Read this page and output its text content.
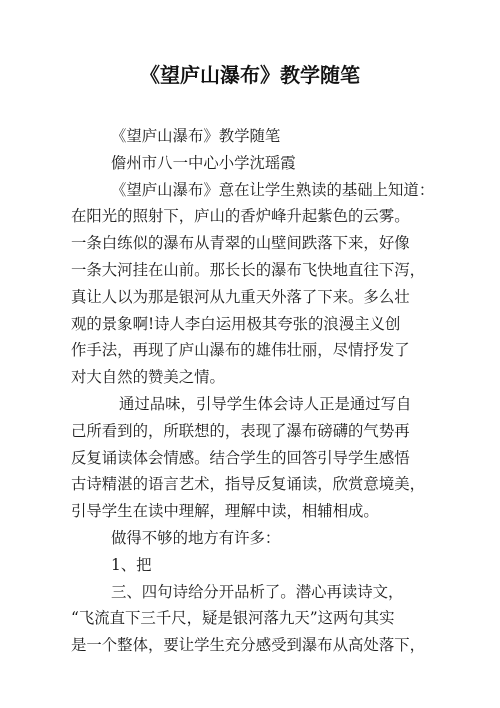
《望庐山瀑布》教学随笔
《望庐山瀑布》教学随笔
儋州市八一中心小学沈瑶霞
《望庐山瀑布》意在让学生熟读的基础上知道：
在阳光的照射下，庐山的香炉峰升起紫色的云雾。
一条白练似的瀑布从青翠的山壁间跌落下来，好像
一条大河挂在山前。那长长的瀑布飞快地直往下泻，
真让人以为那是银河从九重天外落了下来。多么壮
观的景象啊!诗人李白运用极其夸张的浪漫主义创
作手法，再现了庐山瀑布的雄伟壮丽，尽情抒发了
对大自然的赞美之情。
通过品味，引导学生体会诗人正是通过写自
己所看到的，所联想的，表现了瀑布磅礴的气势再
反复诵读体会情感。结合学生的回答引导学生感悟
古诗精湛的语言艺术，指导反复诵读，欣赏意境美，
引导学生在读中理解，理解中读，相辅相成。
做得不够的地方有许多：
1、把
三、四句诗给分开品析了。潜心再读诗文，
“飞流直下三千尺，疑是银河落九天”这两句其实
是一个整体，要让学生充分感受到瀑布从高处落下，
